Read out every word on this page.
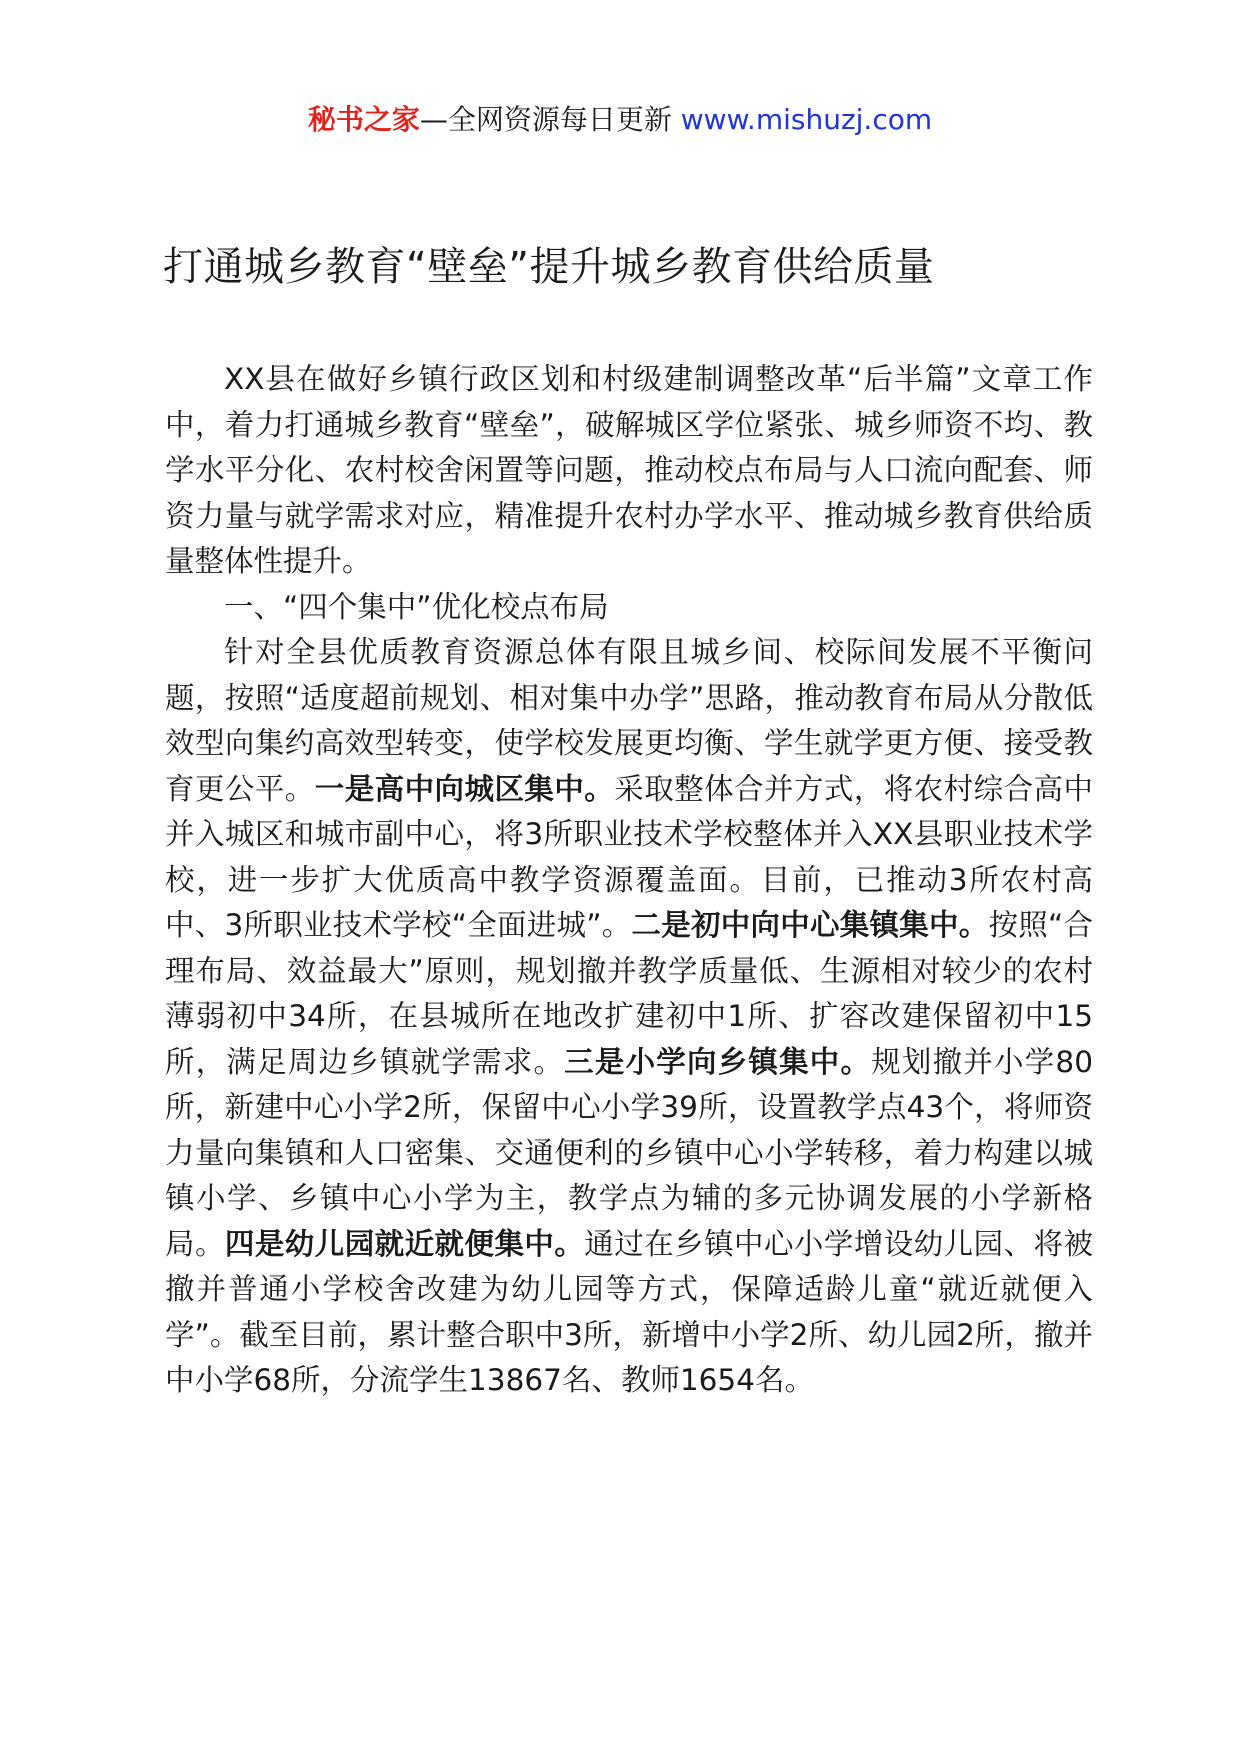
秘书之家—全网资源每日更新 www.mishuzj.com
打通城乡教育“壁垒”提升城乡教育供给质量

XX县在做好乡镇行政区划和村级建制调整改革“后半篇”文章工作中，着力打通城乡教育“壁垒”，破解城区学位紧张、城乡师资不均、教学水平分化、农村校舍闲置等问题，推动校点布局与人口流向配套、师资力量与就学需求对应，精准提升农村办学水平、推动城乡教育供给质量整体性提升。

一、“四个集中”优化校点布局

针对全县优质教育资源总体有限且城乡间、校际间发展不平衡问题，按照“适度超前规划、相对集中办学”思路，推动教育布局从分散低效型向集约高效型转变，使学校发展更均衡、学生就学更方便、接受教育更公平。一是高中向城区集中。采取整体合并方式，将农村综合高中并入城区和城市副中心，将3所职业技术学校整体并入XX县职业技术学校，进一步扩大优质高中教学资源覆盖面。目前，已推动3所农村高中、3所职业技术学校“全面进城”。二是初中向中心集镇集中。按照“合理布局、效益最大”原则，规划撤并教学质量低、生源相对较少的农村薄弱初中34所，在县城所在地改扩建初中1所、扩容改建保留初中15所，满足周边乡镇就学需求。三是小学向乡镇集中。规划撤并小学80所，新建中心小学2所，保留中心小学39所，设置教学点43个，将师资力量向集镇和人口密集、交通便利的乡镇中心小学转移，着力构建以城镇小学、乡镇中心小学为主，教学点为辅的多元协调发展的小学新格局。四是幼儿园就近就便集中。通过在乡镇中心小学增设幼儿园、将被撤并普通小学校舍改建为幼儿园等方式，保障适龄儿童“就近就便入学”。截至目前，累计整合职中3所，新增中小学2所、幼儿园2所，撤并中小学68所，分流学生13867名、教师1654名。
